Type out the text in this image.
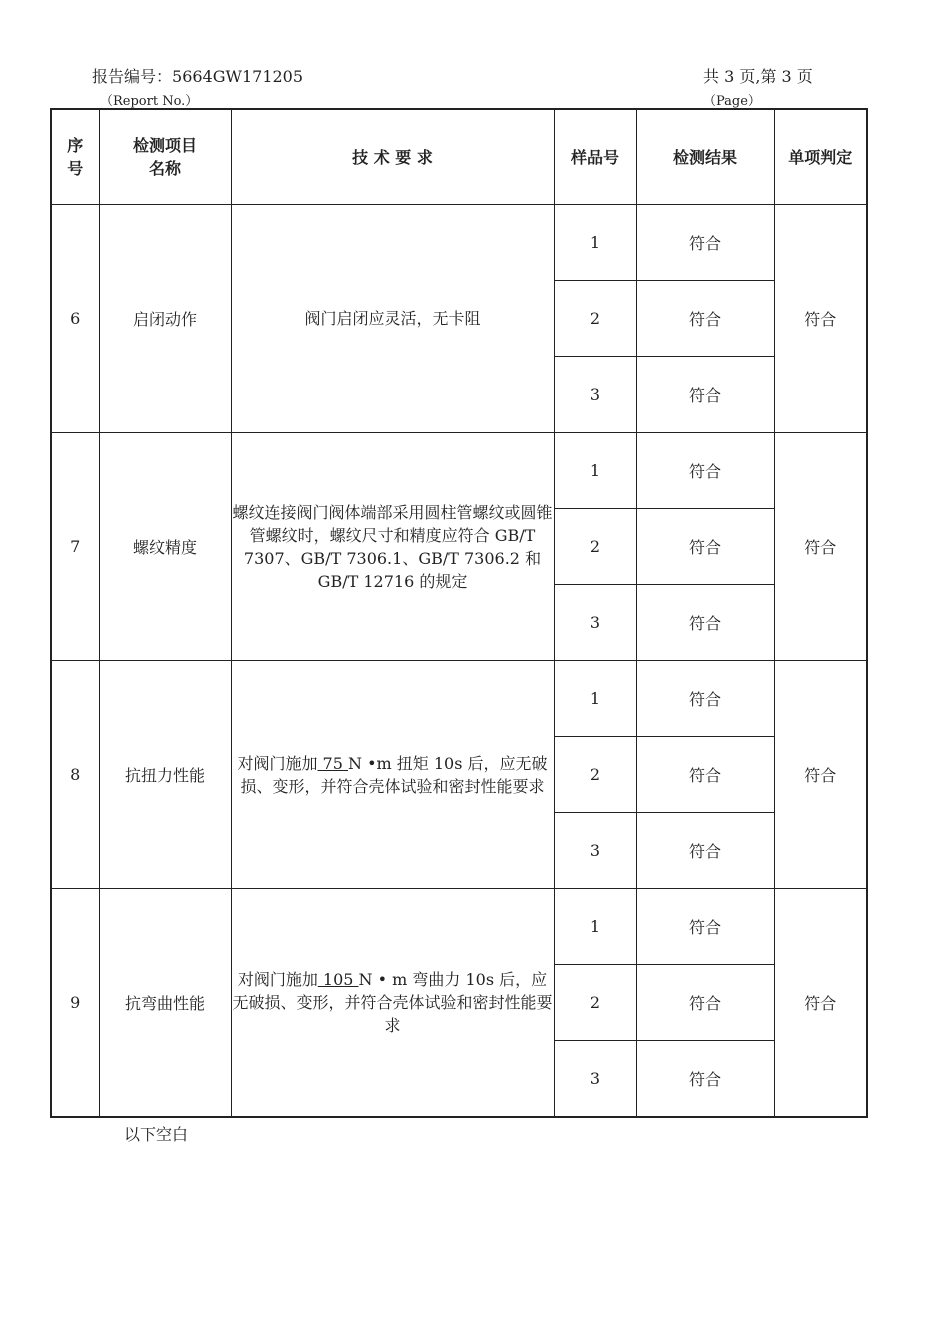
报告编号：5664GW171205
（Report No.）
共 3 页,第 3 页
（Page）
序
号	检测项目
名称	技 术 要 求	样品号	检测结果	单项判定
6	启闭动作	阀门启闭应灵活，无卡阻	1	符合	符合
			2	符合	
			3	符合	
7	螺纹精度	螺纹连接阀门阀体端部采用圆柱管螺纹或圆锥管螺纹时，螺纹尺寸和精度应符合 GB/T 7307、GB/T 7306.1、GB/T 7306.2 和 GB/T 12716 的规定	1	符合	符合
			2	符合	
			3	符合	
8	抗扭力性能	对阀门施加 75 N •m 扭矩 10s 后，应无破损、变形，并符合壳体试验和密封性能要求	1	符合	符合
			2	符合	
			3	符合	
9	抗弯曲性能	对阀门施加 105 N • m 弯曲力 10s 后，应无破损、变形，并符合壳体试验和密封性能要求	1	符合	符合
			2	符合	
			3	符合	
以下空白
